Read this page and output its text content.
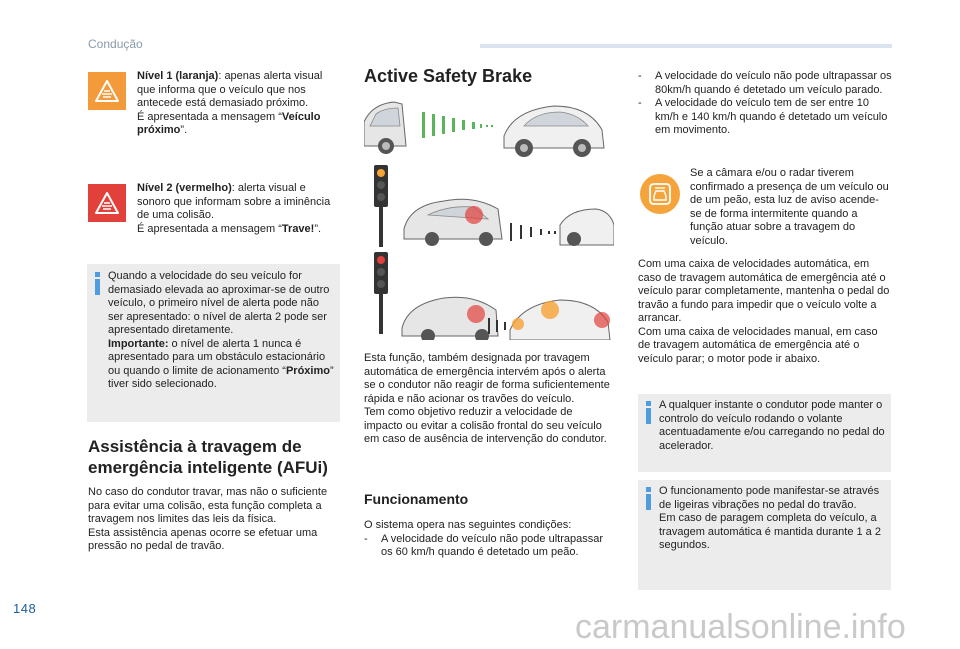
Condução

Nível 1 (laranja): apenas alerta visual que informa que o veículo que nos antecede está demasiado próximo.
É apresentada a mensagem “Veículo próximo”.

Nível 2 (vermelho): alerta visual e sonoro que informam sobre a iminência de uma colisão.
É apresentada a mensagem “Trave!”.

Quando a velocidade do seu veículo for demasiado elevada ao aproximar-se de outro veículo, o primeiro nível de alerta pode não ser apresentado: o nível de alerta 2 pode ser apresentado diretamente.
Importante: o nível de alerta 1 nunca é apresentado para um obstáculo estacionário ou quando o limite de acionamento “Próximo” tiver sido selecionado.

Assistência à travagem de
emergência inteligente (AFUi)

No caso do condutor travar, mas não o suficiente para evitar uma colisão, esta função completa a travagem nos limites das leis da física.

Esta assistência apenas ocorre se efetuar uma pressão no pedal de travão.

Active Safety Brake

Esta função, também designada por travagem automática de emergência intervém após o alerta se o condutor não reagir de forma suficientemente rápida e não acionar os travões do veículo.

Tem como objetivo reduzir a velocidade de impacto ou evitar a colisão frontal do seu veículo em caso de ausência de intervenção do condutor.

Funcionamento

O sistema opera nas seguintes condições:

- A velocidade do veículo não pode ultrapassar os 60 km/h quando é detetado um peão.

- A velocidade do veículo não pode ultrapassar os 80km/h quando é detetado um veículo parado.

- A velocidade do veículo tem de ser entre 10 km/h e 140 km/h quando é detetado um veículo em movimento.

Se a câmara e/ou o radar tiverem confirmado a presença de um veículo ou de um peão, esta luz de aviso acende-se de forma intermitente quando a função atuar sobre a travagem do veículo.

Com uma caixa de velocidades automática, em caso de travagem automática de emergência até o veículo parar completamente, mantenha o pedal do travão a fundo para impedir que o veículo volte a arrancar.

Com uma caixa de velocidades manual, em caso de travagem automática de emergência até o veículo parar; o motor pode ir abaixo.

A qualquer instante o condutor pode manter o controlo do veículo rodando o volante acentuadamente e/ou carregando no pedal do acelerador.

O funcionamento pode manifestar-se através de ligeiras vibrações no pedal do travão.

Em caso de paragem completa do veículo, a travagem automática é mantida durante 1 a 2 segundos.

148	carmanualsonline.info
